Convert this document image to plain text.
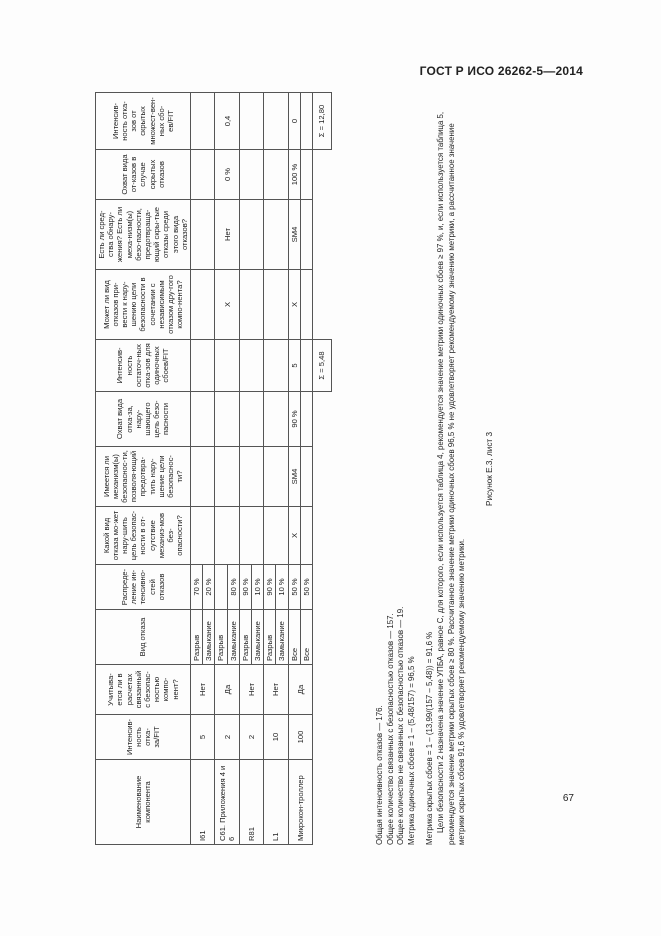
ГОСТ Р ИСО 26262-5—2014
Наименование компонента	Интенсив-ность отка-за/FIT	Учитыва-ется ли в расчетах связанный с безопас-ностью компо-нент?	Вид отказа	Распреде-ление ин-тенсивно-стей отказов	Какой вид отказа мо-жет нару-шить цель безопас-ности в от-сутствие механиз-мов без-опасности?	Имеется ли механизм(ы) безопаснос-ти, позволя-ющий предотвра-тить нару-шение цели безопаснос-ти?	Охват вида отка-за, нару-шающего цель безо-пасности	Интенсив-ность остаточ-ных отка-зов для одиночных сбоев/FIT	Может ли вид отказов при-вести к нару-шению цели безопасности в сочетании с независимым отказом дру-гого компо-нента?	Есть ли сред-ства обнару-жения? Есть ли меха-низм(ы) безо-пасности, предотвраща-ющий скры-тые отказы среди этого вида отказов?	Охват вида от-казов в случае скрытых отказов	Интенсив-ность отка-зов от скрытых множест-вен-ных сбо-ев/FIT
I61	5	Нет	Разрыв	70 %								
			Замыкание	20 %								
C61. Приложения 4 и 6	2	Да	Разрыв						X	Нет	0 %	0,4
			Замыкание	80 %								
R81	2	Нет	Разрыв	90 %								
			Замыкание	10 %								
L1	10	Нет	Разрыв	90 %								
			Замыкание	10 %								
Микрокон-троллер	100	Да	Все	50 %	X	SM4	90 %	5	X	SM4	100 %	0
			Все	50 %								
								Σ = 5,48				Σ = 12,80

Общая интенсивность отказов — 176. Общее количество связанных с безопасностью отказов — 157. Общее количество не связанных с безопасностью отказов — 19. Метрика одиночных сбоев = 1 – (5,48/157) = 96,5 % Метрика скрытых сбоев = 1 – (13,99/(157 – 5,48)) = 91,6 % Цели безопасности 2 назначена значение УПБА, равное С, для которого, если используется таблица 4, рекомендуется значение метрики одиночных сбоев ≥ 97 %, и, если используется таблица 5, рекомендуется значение метрики скрытых сбоев ≥ 80 %. Рассчитанное значение метрики одиночных сбоев 96,5 % не удовлетворяет рекомендуемому значению метрики, а рассчитанное значение метрики скрытых сбоев 91,6 % удовлетворяет рекомендуемому значению метрики.

Рисунок Е.3, лист 3
67
